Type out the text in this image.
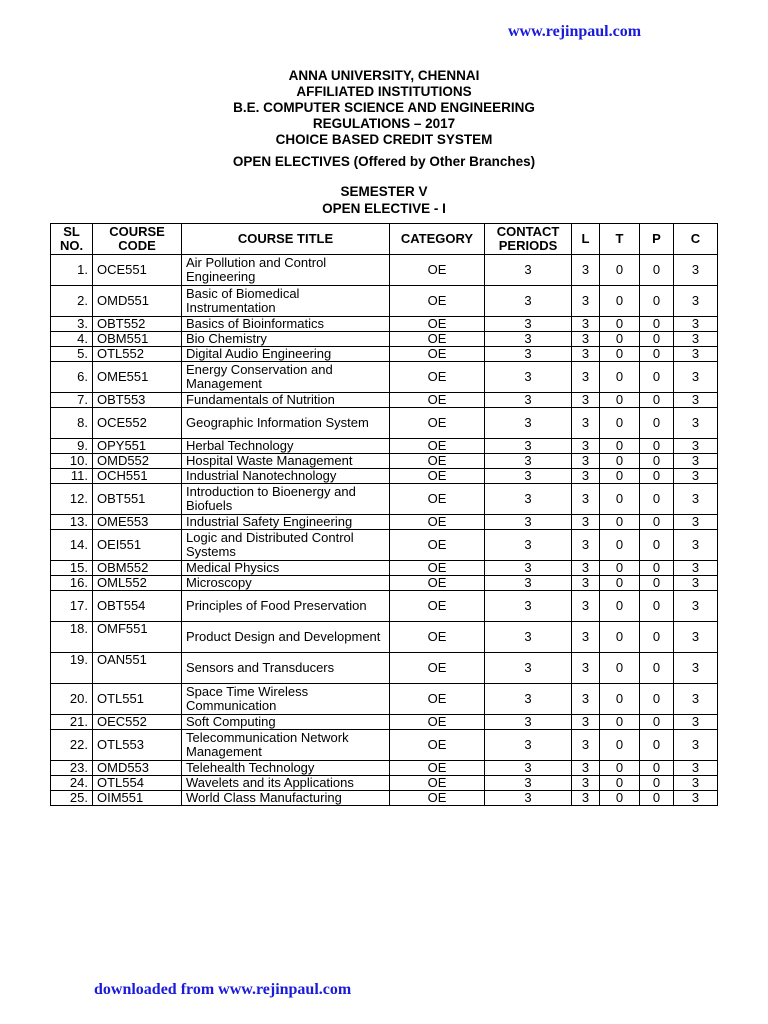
www.rejinpaul.com
ANNA UNIVERSITY, CHENNAI
AFFILIATED INSTITUTIONS
B.E. COMPUTER SCIENCE AND ENGINEERING
REGULATIONS – 2017
CHOICE BASED CREDIT SYSTEM
OPEN ELECTIVES (Offered by Other Branches)
SEMESTER V
OPEN ELECTIVE - I
SL NO.	COURSE CODE	COURSE TITLE	CATEGORY	CONTACT PERIODS	L	T	P	C
1.	OCE551	Air Pollution and Control Engineering	OE	3	3	0	0	3
2.	OMD551	Basic of Biomedical Instrumentation	OE	3	3	0	0	3
3.	OBT552	Basics of Bioinformatics	OE	3	3	0	0	3
4.	OBM551	Bio Chemistry	OE	3	3	0	0	3
5.	OTL552	Digital Audio Engineering	OE	3	3	0	0	3
6.	OME551	Energy Conservation and Management	OE	3	3	0	0	3
7.	OBT553	Fundamentals of Nutrition	OE	3	3	0	0	3
8.	OCE552	Geographic Information System	OE	3	3	0	0	3
9.	OPY551	Herbal Technology	OE	3	3	0	0	3
10.	OMD552	Hospital Waste Management	OE	3	3	0	0	3
11.	OCH551	Industrial Nanotechnology	OE	3	3	0	0	3
12.	OBT551	Introduction to Bioenergy and Biofuels	OE	3	3	0	0	3
13.	OME553	Industrial Safety Engineering	OE	3	3	0	0	3
14.	OEI551	Logic and Distributed Control Systems	OE	3	3	0	0	3
15.	OBM552	Medical Physics	OE	3	3	0	0	3
16.	OML552	Microscopy	OE	3	3	0	0	3
17.	OBT554	Principles of Food Preservation	OE	3	3	0	0	3
18.	OMF551	Product Design and Development	OE	3	3	0	0	3
19.	OAN551	Sensors and Transducers	OE	3	3	0	0	3
20.	OTL551	Space Time Wireless Communication	OE	3	3	0	0	3
21.	OEC552	Soft Computing	OE	3	3	0	0	3
22.	OTL553	Telecommunication Network Management	OE	3	3	0	0	3
23.	OMD553	Telehealth Technology	OE	3	3	0	0	3
24.	OTL554	Wavelets and its Applications	OE	3	3	0	0	3
25.	OIM551	World Class Manufacturing	OE	3	3	0	0	3
downloaded from www.rejinpaul.com
